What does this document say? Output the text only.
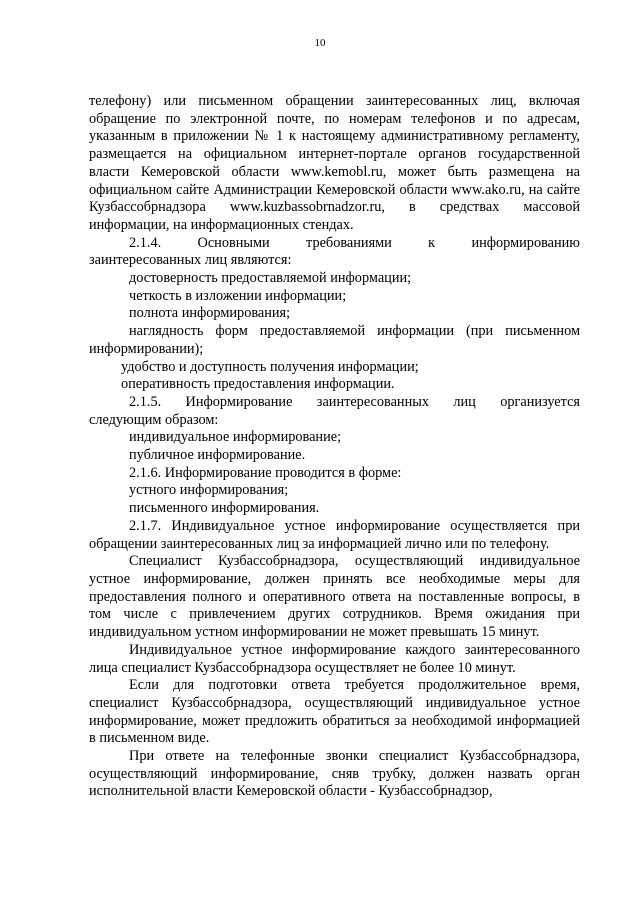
10

телефону) или письменном обращении заинтересованных лиц, включая обращение по электронной почте, по номерам телефонов и по адресам, указанным в приложении № 1 к настоящему административному регламенту, размещается на официальном интернет-портале органов государственной власти Кемеровской области www.kemobl.ru, может быть размещена на официальном сайте Администрации Кемеровской области www.ako.ru, на сайте Кузбассобрнадзора www.kuzbassobrnadzor.ru, в средствах массовой информации, на информационных стендах.

2.1.4. Основными требованиями к информированию

заинтересованных лиц являются:

достоверность предоставляемой информации;

четкость в изложении информации;

полнота информирования;

наглядность форм предоставляемой информации (при письменном информировании);

удобство и доступность получения информации;

оперативность предоставления информации.

2.1.5. Информирование заинтересованных лиц организуется

следующим образом:

индивидуальное информирование;

публичное информирование.

2.1.6. Информирование проводится в форме:

устного информирования;

письменного информирования.

2.1.7. Индивидуальное устное информирование осуществляется при обращении заинтересованных лиц за информацией лично или по телефону.

Специалист Кузбассобрнадзора, осуществляющий индивидуальное устное информирование, должен принять все необходимые меры для предоставления полного и оперативного ответа на поставленные вопросы, в том числе с привлечением других сотрудников. Время ожидания при индивидуальном устном информировании не может превышать 15 минут.

Индивидуальное устное информирование каждого заинтересованного лица специалист Кузбассобрнадзора осуществляет не более 10 минут.

Если для подготовки ответа требуется продолжительное время, специалист Кузбассобрнадзора, осуществляющий индивидуальное устное информирование, может предложить обратиться за необходимой информацией в письменном виде.

При ответе на телефонные звонки специалист Кузбассобрнадзора, осуществляющий информирование, сняв трубку, должен назвать орган исполнительной власти Кемеровской области - Кузбассобрнадзор,
